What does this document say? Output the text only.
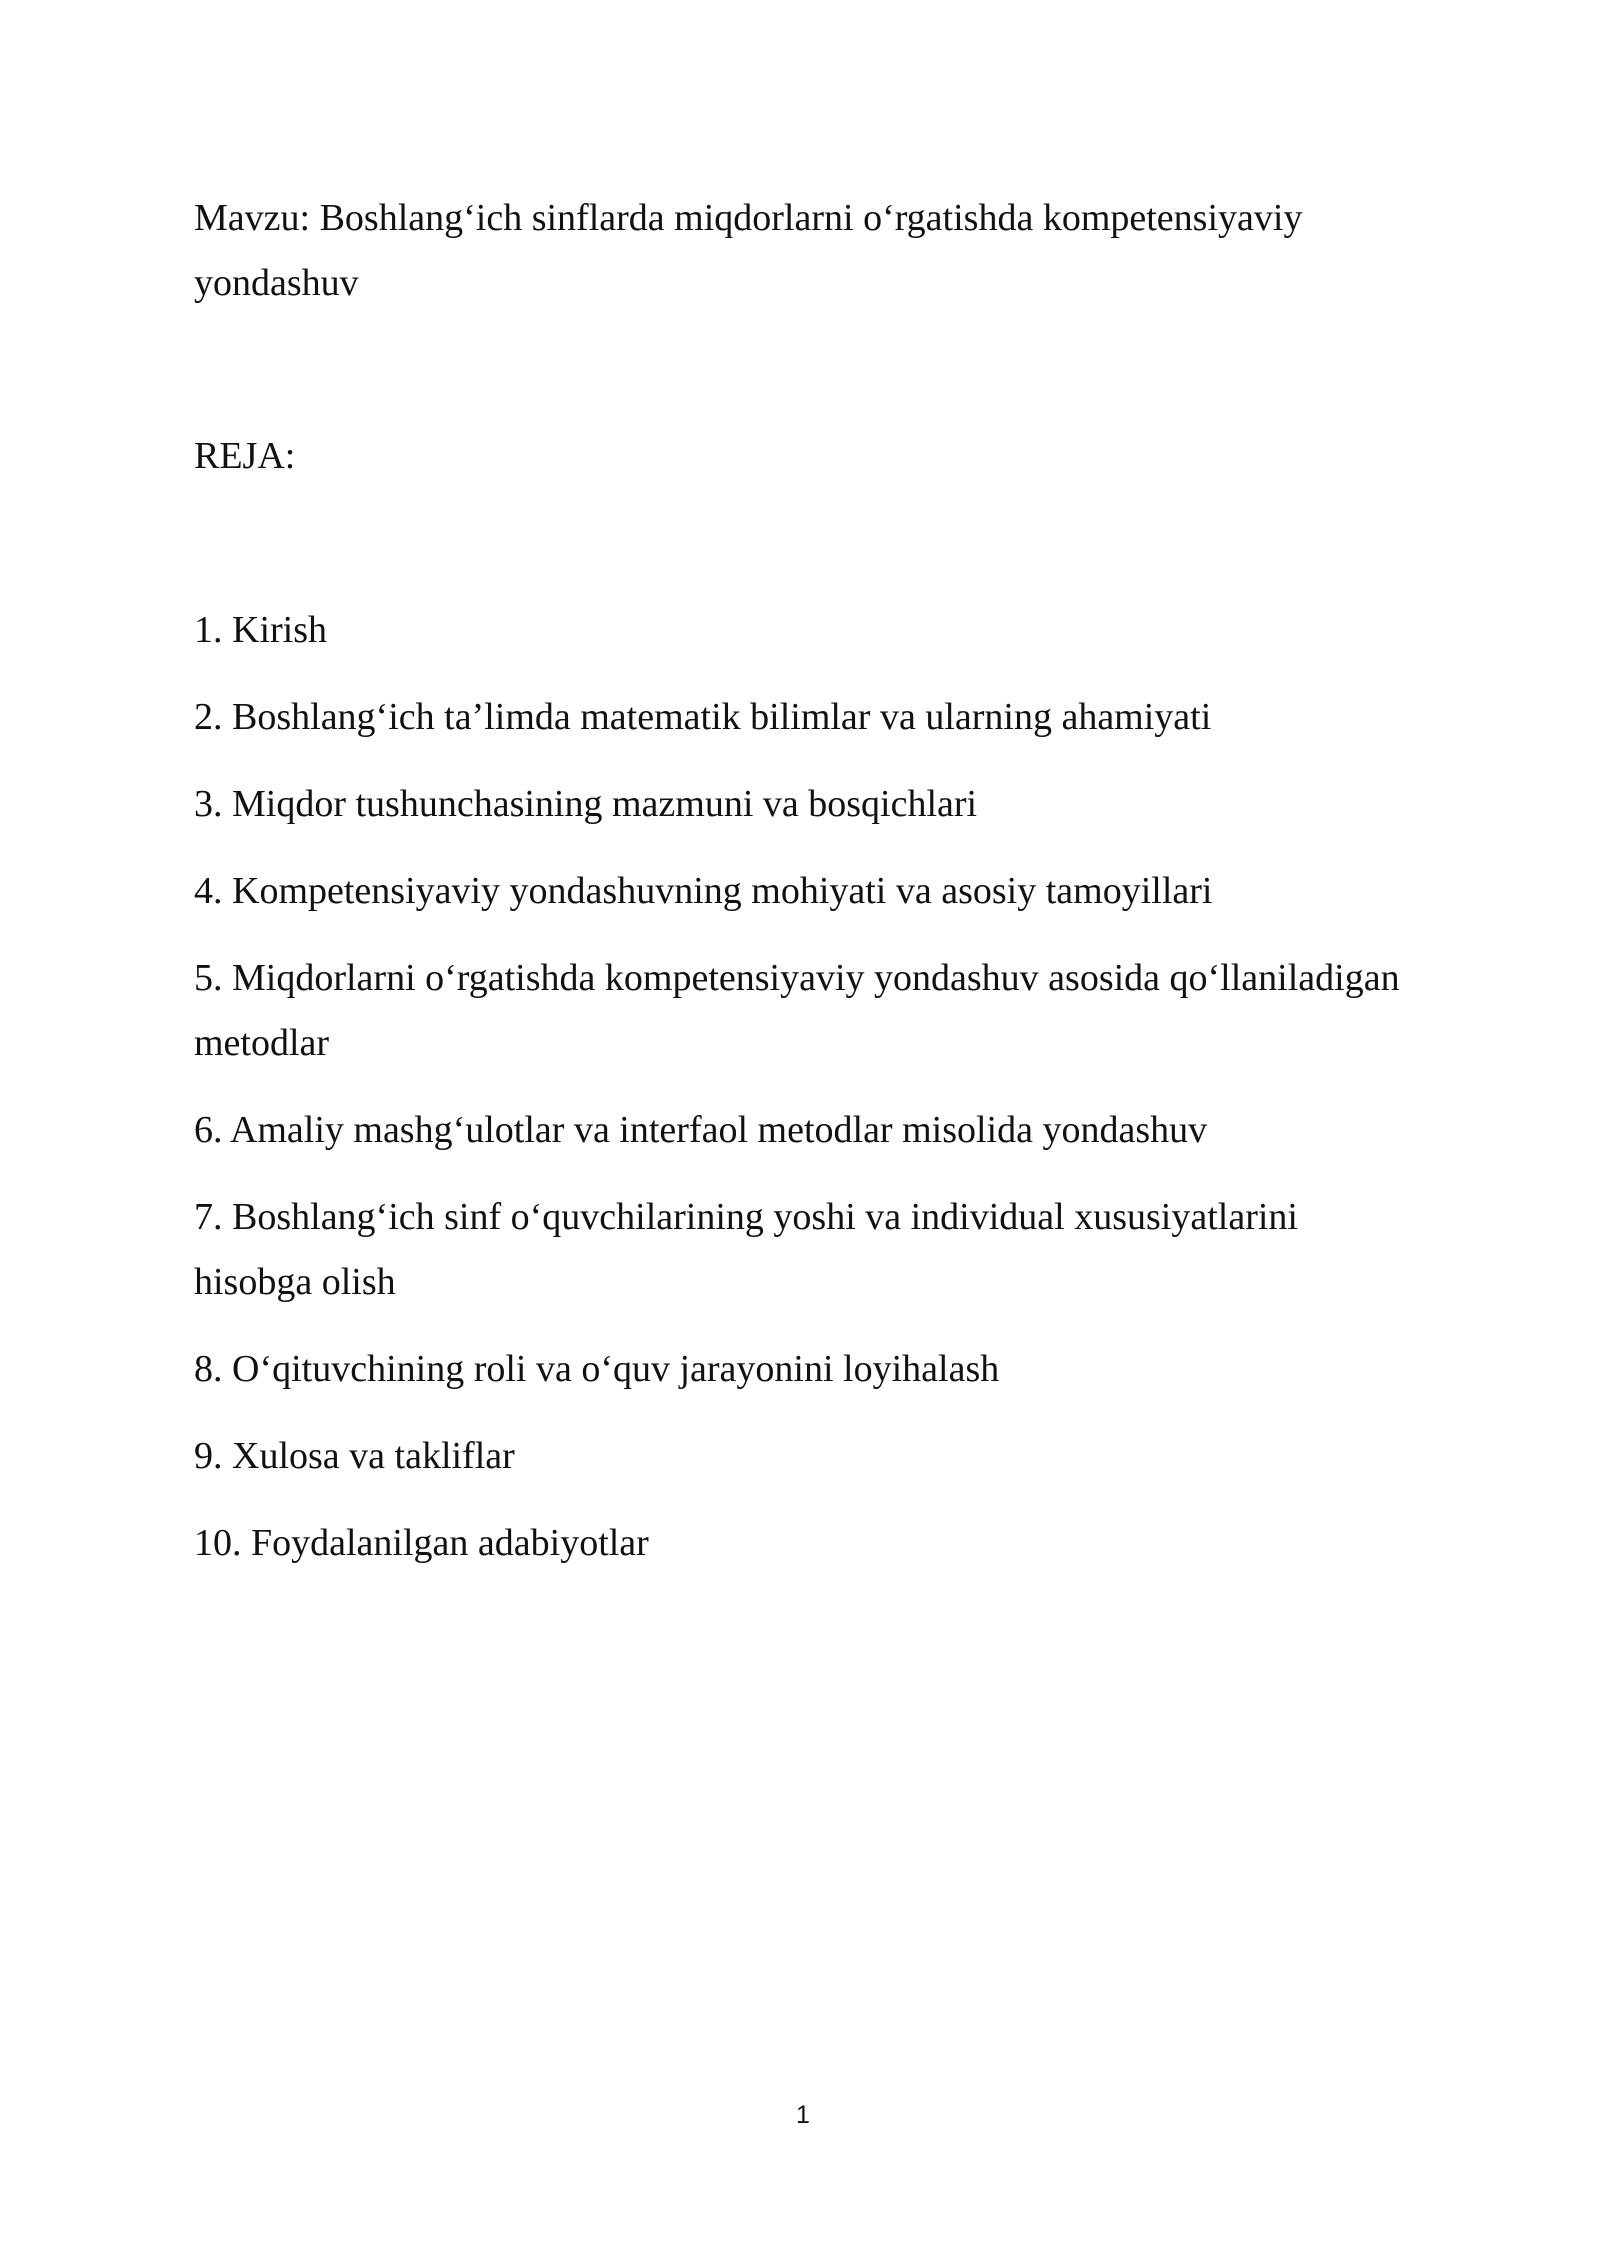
Mavzu: Boshlang‘ich sinflarda miqdorlarni o‘rgatishda kompetensiyaviy yondashuv

REJA:

1. Kirish
2. Boshlang‘ich ta’limda matematik bilimlar va ularning ahamiyati
3. Miqdor tushunchasining mazmuni va bosqichlari
4. Kompetensiyaviy yondashuvning mohiyati va asosiy tamoyillari
5. Miqdorlarni o‘rgatishda kompetensiyaviy yondashuv asosida qo‘llaniladigan metodlar
6. Amaliy mashg‘ulotlar va interfaol metodlar misolida yondashuv
7. Boshlang‘ich sinf o‘quvchilarining yoshi va individual xususiyatlarini hisobga olish
8. O‘qituvchining roli va o‘quv jarayonini loyihalash
9. Xulosa va takliflar
10. Foydalanilgan adabiyotlar
1
